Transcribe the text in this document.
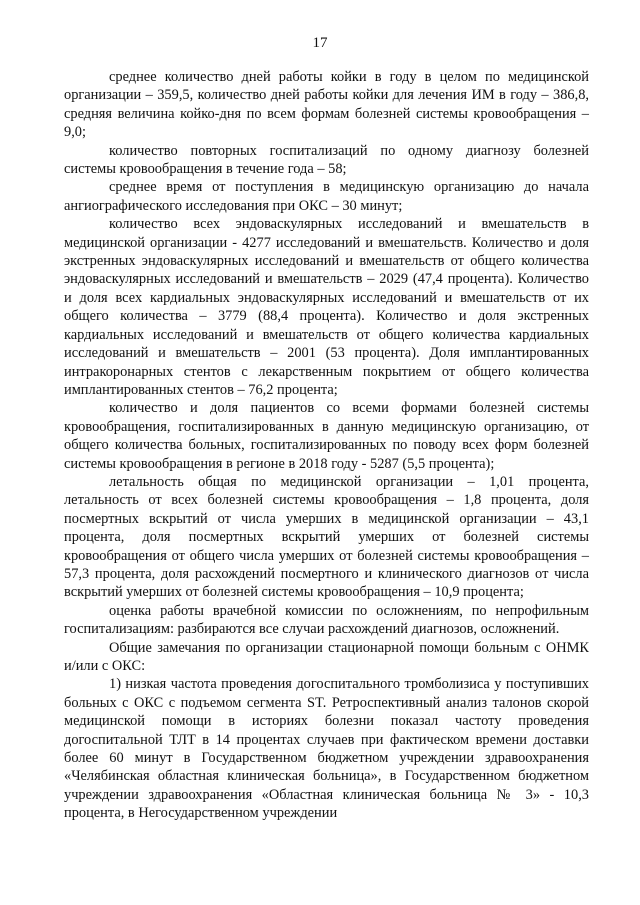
17

среднее количество дней работы койки в году в целом по медицинской организации – 359,5, количество дней работы койки для лечения ИМ в году – 386,8, средняя величина койко-дня по всем формам болезней системы кровообращения – 9,0;

количество повторных госпитализаций по одному диагнозу болезней системы кровообращения в течение года – 58;

среднее время от поступления в медицинскую организацию до начала ангиографического исследования при ОКС – 30 минут;

количество всех эндоваскулярных исследований и вмешательств в медицинской организации - 4277 исследований и вмешательств. Количество и доля экстренных эндоваскулярных исследований и вмешательств от общего количества эндоваскулярных исследований и вмешательств – 2029 (47,4 процента). Количество и доля всех кардиальных эндоваскулярных исследований и вмешательств от их общего количества – 3779 (88,4 процента). Количество и доля экстренных кардиальных исследований и вмешательств от общего количества кардиальных исследований и вмешательств – 2001 (53 процента). Доля имплантированных интракоронарных стентов с лекарственным покрытием от общего количества имплантированных стентов – 76,2 процента;

количество и доля пациентов со всеми формами болезней системы кровообращения, госпитализированных в данную медицинскую организацию, от общего количества больных, госпитализированных по поводу всех форм болезней системы кровообращения в регионе в 2018 году - 5287 (5,5 процента);

летальность общая по медицинской организации – 1,01 процента, летальность от всех болезней системы кровообращения – 1,8 процента, доля посмертных вскрытий от числа умерших в медицинской организации – 43,1 процента, доля посмертных вскрытий умерших от болезней системы кровообращения от общего числа умерших от болезней системы кровообращения – 57,3 процента, доля расхождений посмертного и клинического диагнозов от числа вскрытий умерших от болезней системы кровообращения – 10,9 процента;

оценка работы врачебной комиссии по осложнениям, по непрофильным госпитализациям: разбираются все случаи расхождений диагнозов, осложнений.

Общие замечания по организации стационарной помощи больным с ОНМК и/или с ОКС:

1) низкая частота проведения догоспитального тромболизиса у поступивших больных с ОКС с подъемом сегмента ST. Ретроспективный анализ талонов скорой медицинской помощи в историях болезни показал частоту проведения догоспитальной ТЛТ в 14 процентах случаев при фактическом времени доставки более 60 минут в Государственном бюджетном учреждении здравоохранения «Челябинская областная клиническая больница», в Государственном бюджетном учреждении здравоохранения «Областная клиническая больница № 3» - 10,3 процента, в Негосударственном учреждении
